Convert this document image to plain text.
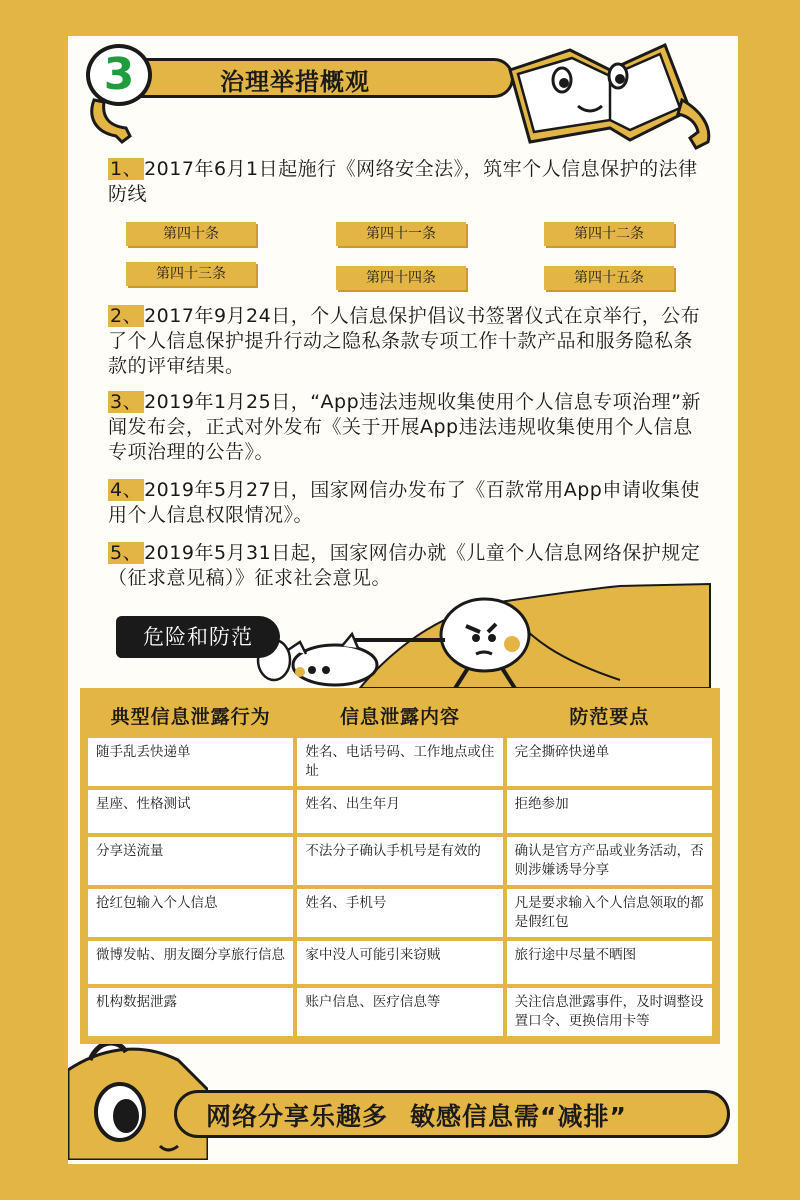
3	治理举措概观
1、 2017年6月1日起施行《网络安全法》，筑牢个人信息保护的法律防线
第四十条	第四十一条	第四十二条
第四十三条	第四十四条	第四十五条
2、 2017年9月24日，个人信息保护倡议书签署仪式在京举行，公布了个人信息保护提升行动之隐私条款专项工作十款产品和服务隐私条款的评审结果。
3、 2019年1月25日，“App违法违规收集使用个人信息专项治理”新闻发布会，正式对外发布《关于开展App违法违规收集使用个人信息专项治理的公告》。
4、 2019年5月27日，国家网信办发布了《百款常用App申请收集使用个人信息权限情况》。
5、 2019年5月31日起，国家网信办就《儿童个人信息网络保护规定（征求意见稿）》征求社会意见。
危险和防范
典型信息泄露行为	信息泄露内容	防范要点
随手乱丢快递单	姓名、电话号码、工作地点或住址	完全撕碎快递单
星座、性格测试	姓名、出生年月	拒绝参加
分享送流量	不法分子确认手机号是有效的	确认是官方产品或业务活动，否则涉嫌诱导分享
抢红包输入个人信息	姓名、手机号	凡是要求输入个人信息领取的都是假红包
微博发帖、朋友圈分享旅行信息	家中没人可能引来窃贼	旅行途中尽量不晒图
机构数据泄露	账户信息、医疗信息等	关注信息泄露事件，及时调整设置口令、更换信用卡等
网络分享乐趣多 敏感信息需“减排”
